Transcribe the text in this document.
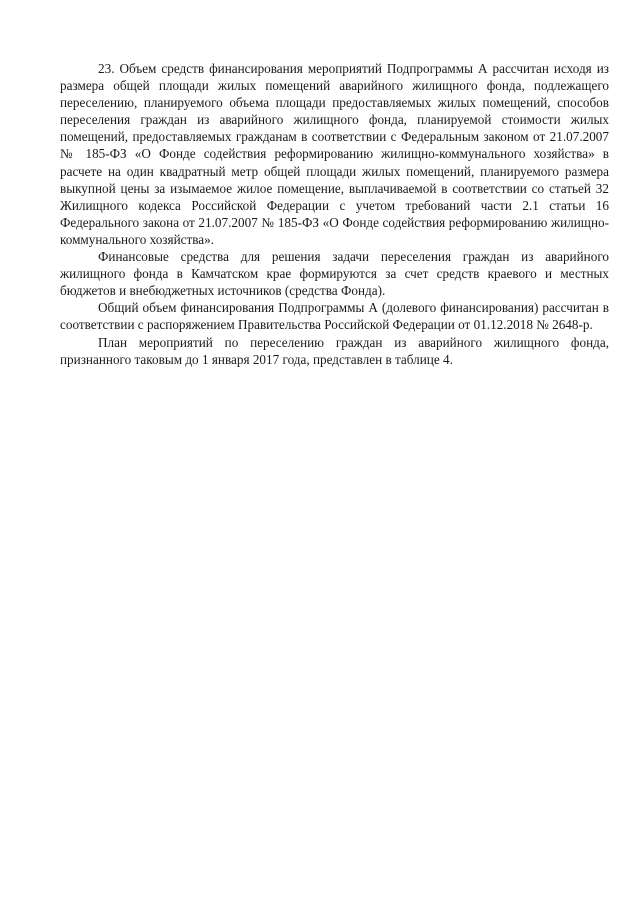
23. Объем средств финансирования мероприятий Подпрограммы А рассчитан исходя из размера общей площади жилых помещений аварийного жилищного фонда, подлежащего переселению, планируемого объема площади предоставляемых жилых помещений, способов переселения граждан из аварийного жилищного фонда, планируемой стоимости жилых помещений, предоставляемых гражданам в соответствии с Федеральным законом от 21.07.2007 № 185-ФЗ «О Фонде содействия реформированию жилищно-коммунального хозяйства» в расчете на один квадратный метр общей площади жилых помещений, планируемого размера выкупной цены за изымаемое жилое помещение, выплачиваемой в соответствии со статьей 32 Жилищного кодекса Российской Федерации с учетом требований части 2.1 статьи 16 Федерального закона от 21.07.2007 № 185-ФЗ «О Фонде содействия реформированию жилищно-коммунального хозяйства».

Финансовые средства для решения задачи переселения граждан из аварийного жилищного фонда в Камчатском крае формируются за счет средств краевого и местных бюджетов и внебюджетных источников (средства Фонда).

Общий объем финансирования Подпрограммы А (долевого финансирования) рассчитан в соответствии с распоряжением Правительства Российской Федерации от 01.12.2018 № 2648-р.

План мероприятий по переселению граждан из аварийного жилищного фонда, признанного таковым до 1 января 2017 года, представлен в таблице 4.
